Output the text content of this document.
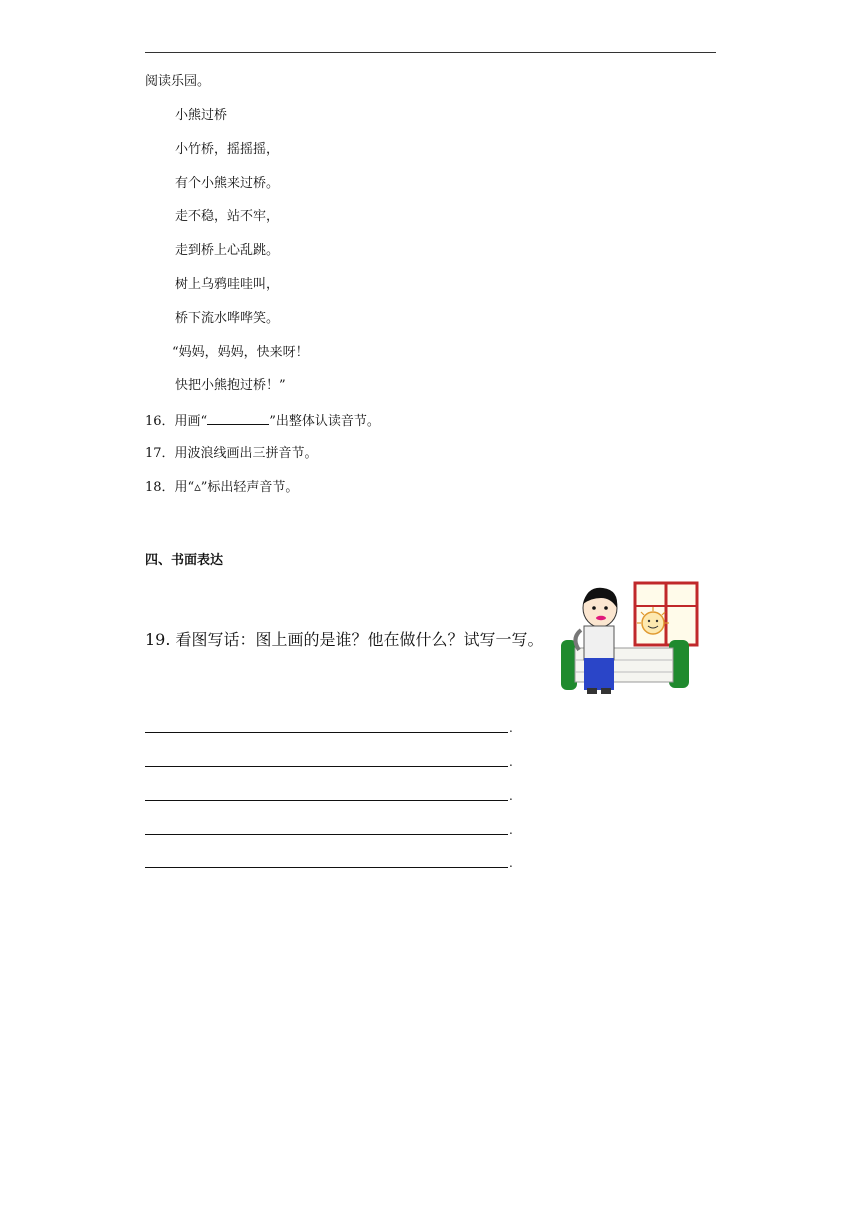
阅读乐园。
小熊过桥
小竹桥，摇摇摇，
有个小熊来过桥。
走不稳，站不牢，
走到桥上心乱跳。
树上乌鸦哇哇叫，
桥下流水哗哗笑。
“妈妈，妈妈，快来呀！
快把小熊抱过桥！”
16．用画“	”出整体认读音节。
17．用波浪线画出三拼音节。
18．用“▵”标出轻声音节。
四、书面表达
19. 看图写话：图上画的是谁？他在做什么？试写一写。
.
.
.
.
.
